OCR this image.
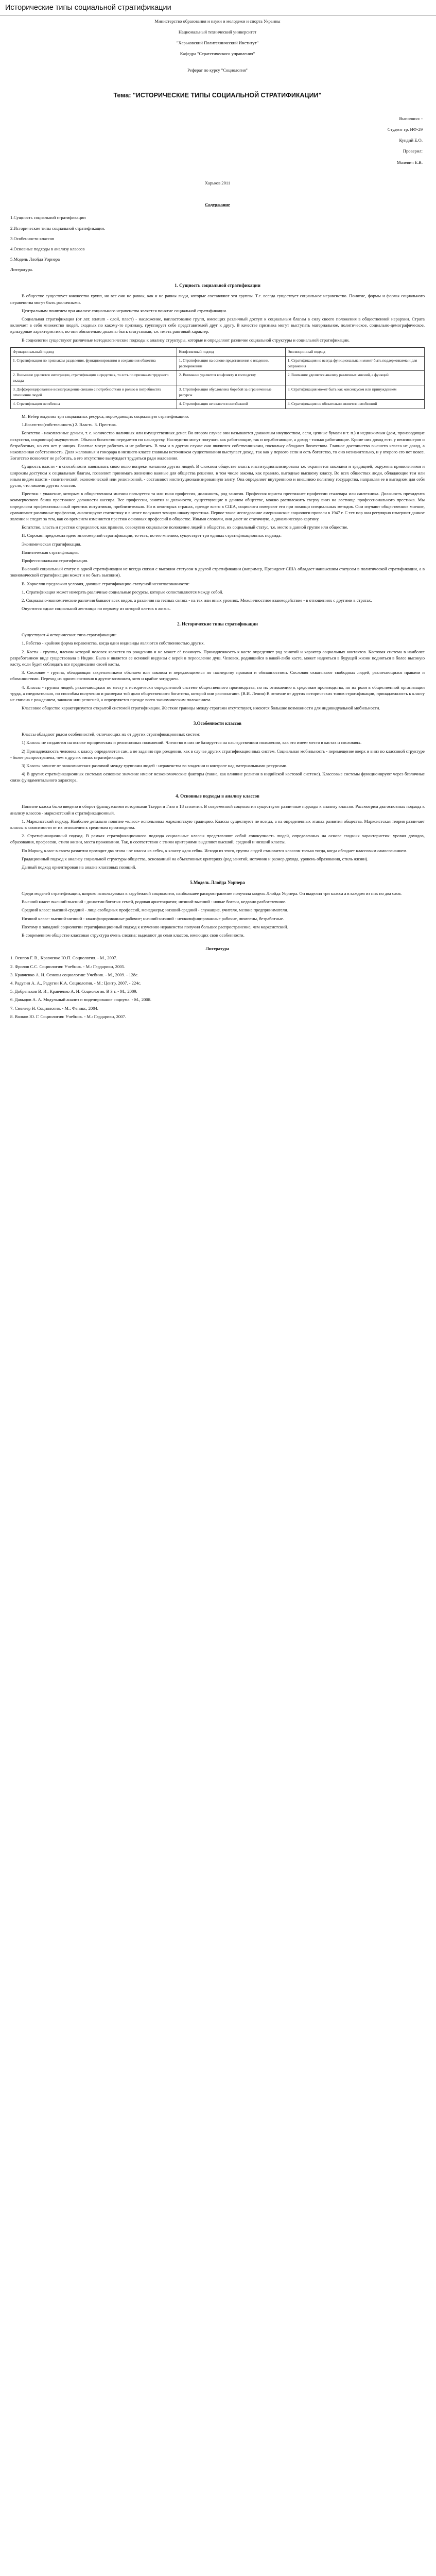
Исторические типы социальной стратификации
Министерство образования и науки и молодежи и спорта Украины
Национальный технический университет
"Харьковский Политехнический Институт"
Кафедра "Стратегического управления"
Реферат по курсу "Социология"
Тема: "ИСТОРИЧЕСКИЕ ТИПЫ СОЦИАЛЬНОЙ СТРАТИФИКАЦИИ"
Выполнил: -
Студент гр. ИФ-29
Кундий Е.О.
Проверил:
Молевич Е.В.
Харьков 2011
Содержание
1.Сущность социальной стратификации
2.Исторические типы социальной стратификации.
3.Особенности классов
4.Основные подходы в анализу классов
5.Модель Ллойда Уорнера
Литература.
1. Сущность социальной стратификации

В обществе существует множество групп, но все они не равны, как и не равны люди, которые составляют эти группы. Т.е. всегда существует социальное неравенство. Понятие, формы и формы социального неравенства могут быть различными.

Центральным понятием при анализе социального неравенства является понятие социальной стратификации.

Социальная стратификация (от лат. stratum - слой, пласт) - насложение, напластование групп, имеющих различный доступ к социальным благам в силу своего положения в общественной иерархии. Страта включает в себя множество людей, сходных по какому-то признаку, группирует себе представителей друг к другу. В качестве признака могут выступать материальное, политическое, социально-демографическое, культурные характеристики, но они обязательно должны быть статусными, т.е. иметь ранговый характер.

В социологии существуют различные методологические подходы к анализу структуры, которые и определяют различие социальной структуры и социальной стратификации.

Функциональный подход	Конфликтный подход	Эволюционный подход
1. Стратификация по признакам разделения, функционирования и сохранения общества	1. Стратификация на основе представления о владении, распоряжении	1. Стратификация не всегда функциональна и может быть поддерживаема и для сохранения
2. Внимание уделяется интеграции, стратификация в средствах, то есть по признакам трудового вклада	2. Внимание уделяется конфликту и господству	2. Внимание уделяется анализу различных мнений, а функций
3. Дифференцированное вознаграждение связано с потребностями и ролью в потребностях отношения людей	3. Стратификация обусловлена борьбой за ограниченные ресурсы	3. Стратификация может быть как консенсусом или принуждением
4. Стратификация неизбежна	4. Стратификация не является неизбежной	4. Стратификация не обязательно является неизбежной

М. Вебер выделил три социальных ресурса, порождающих социальную стратификацию:

1.Богатство(собственность) 2. Власть. 3. Престиж.

Богатство - накопленные деньги, т. е. количество наличных или имущественных денег. Во втором случае они называются движимым имуществом, если, ценные бумаги и т. п.) и недвижимым (дом, производящие искусство, сокровища) имуществом. Обычно богатство передается по наследству. Наследство могут получать как работающие, так и неработающие, а доход - только работающие. Кроме них доход есть у пенсионеров и безработных, но его нет у нищих. Богатые могут работать и не работать. В том и в другом случае они являются собственниками, поскольку обладают богатством. Главное достоинство высшего класса не доход, а накопленная собственность. Доля жалованья и гонорара в низшего классе главным источником существования выступает доход, так как у первого если и есть богатство, то оно незначительно, и у второго его нет вовсе. Богатство позволяет не работать, а его отсутствие вынуждает трудиться ради жалования.

Сущность власти - в способности навязывать свою волю вопреки желанию других людей. В сложном обществе власть институционализирована т.е. охраняется законами и традицией, окружена привилегиями и широким доступом к социальным благам, позволяет принимать жизненно важные для общества решения, в том числе законы, как правило, выгодные высшему классу. Во всех обществах люди, обладающие тем или иным видом власти - политической, экономической или религиозной, - составляют институционализированную элиту. Она определяет внутреннюю и внешнюю политику государства, направляя ее в выгодном для себя русло, что лишено других классов.

Престиж - уважение, которым в общественном мнении пользуется та или иная профессия, должность, род занятия. Профессия юриста престижнее профессии сталевара или сантехника. Должность президента коммерческого банка престижнее должности кассира. Все профессии, занятия и должности, существующие в данном обществе, можно расположить сверху вниз на лестнице профессионального престижа. Мы определяем профессиональный престиж интуитивно, приблизительно. Но в некоторых странах, прежде всего в США, социологи измеряют его при помощи специальных методов. Они изучают общественное мнение, сравнивают различные профессии, анализируют статистику и в итоге получают точную шкалу престижа. Первое такое исследование американские социологи провели в 1947 г. С тех пор они регулярно измеряют данное явление и следят за тем, как со временем изменяется престиж основных профессий в обществе. Иными словами, они дают не статичную, а динамическую картину.

Богатство, власть и престиж определяют, как правило, совокупно социальное положение людей в обществе, их социальный статус, т.е. место в данной группе или обществе.

П. Сорокин предложил идею многомерной стратификации, то есть, по его мнению, существует три единых стратификационных подвида:

Экономическая стратификация.

Политическая стратификация.

Профессиональная стратификация.

Высокий социальный статус в одной стратификации не всегда связан с высоким статусом в другой стратификации (например, Президент США обладает наивысшим статусом в политической стратификации, а в экономической стратификации может и не быть высоким).

В. Хорнелли предложил условия, дающие стратификацию статусной несогласованности:

1. Стратификация может измерять различные социальные ресурсы, которые сопоставляются между собой.

2. Социально-экономические различия бывают всех видов, а различия на тесных связях - на тех или иных уровнях. Межличностное взаимодействие - в отношениях с другими в стратах.

Опустится «дна» социальной лестницы по первому из которой клеток в жизнь.

2. Исторические типы стратификации

Существуют 4 исторических типа стратификации:

1. Рабство - крайняя форма неравенства, когда одни индивиды являются собственностью других.

2. Касты - группы, членом которой человек является по рождению и не может её покинуть. Принадлежность к касте определяет род занятий и характер социальных контактов. Кастовая система в наиболее разработанном виде существовала в Индии. Была и является ее основой индуизм с верой в переселение душ. Человек, родившийся в какой-либо касте, может надеяться в будущей жизни подняться в более высокую касту, если будет соблюдать все предписания своей касты.

3. Сословие - группа, обладающая закрепленными обычаем или законом и передающимися по наследству правами и обязанностями. Сословия охватывают свободных людей, различающихся правами и обязанностями. Переход из одного сословия в другое возможен, хотя и крайне затруднен.

4. Классы - группы людей, различающихся по месту в исторически определенной системе общественного производства, по их отношению к средствам производства, по их роли в общественной организации труда, а следовательно, по способам получения и размерам той доли общественного богатства, которой они располагают. (В.И. Ленин) В отличие от других исторических типов стратификации, принадлежность к классу не связана с рождением, законом или религией, а определяется прежде всего экономическим положением.

Классовое общество характеризуется открытой системой стратификации. Жесткие границы между стратами отсутствуют, имеются большие возможности для индивидуальной мобильности.

3.Особенности классов

Классы обладают рядом особенностей, отличающих их от других стратификационных систем:

1) Классы не создаются на основе юридических и религиозных положений. Членство в них не базируется на наследственном положении, как это имеет место в кастах и сословиях.

2) Принадлежность человека к классу определяется сам, а не заданно при рождении, как в случае других стратификационных систем. Социальная мобильность - перемещение вверх и вниз по классовой структуре - более распространена, чем в других типах стратификации.

3) Классы зависят от экономических различий между группами людей - неравенства во владении и контроле над материальными ресурсами.

4) В других стратификационных системах основное значение имеют неэкономические факторы (такие, как влияние религии в индийской кастовой системе). Классовые системы функционируют через безличные связи фундаментального характера.

4. Основные подходы в анализу классов

Понятие класса было введено в оборот французскими историками Тьерри и Гизо в 18 столетии. В современной социологии существуют различные подходы к анализу классов. Рассмотрим два основных подхода к анализу классов - марксистский и стратификационный.

1. Марксистский подход. Наиболее детально понятие «класс» использовал марксистскую традицию. Классы существуют не всегда, а на определенных этапах развития общества. Марксистская теория различает классы в зависимости от их отношения к средствам производства.

2. Стратификационный подход. В рамках стратификационного подхода социальные классы представляют собой совокупность людей, определенных на основе сходных характеристик: уровня доходов, образования, профессии, стиля жизни, места проживания. Так, в соответствии с этими критериями выделяют высший, средний и низший классы.

По Марксу, класс в своем развитии проходит два этапа - от класса «в себе», к классу «для себя». Исходя из этого, группа людей становится классом только тогда, когда обладает классовым самосознанием.

Градационный подход к анализу социальной структуры общества, основанный на объективных критериях (род занятий, источник и размер дохода, уровень образования, стиль жизни).

Данный подход ориентирован на анализ классовых позиций.

5.Модель Ллойда Уорнера

Среди моделей стратификации, широко используемых в зарубежной социологии, наибольшее распространение получила модель Ллойда Уорнера. Он выделил три класса а в каждом из них по два слоя.

Высший класс: высший-высший - династии богатых семей, родовая аристократия; низший-высший - новые богачи, недавно разбогатевшие.

Средний класс: высший-средний - лица свободных профессий, менеджеры; низший-средний - служащие, учителя, мелкие предприниматели.

Низший класс: высший-низший - квалифицированные рабочие; низший-низший - неквалифицированные рабочие, люмпены, безработные.

Поэтому в западной социологии стратификационный подход к изучению неравенства получил большее распространение, чем марксистский.

В современном обществе классовая структура очень сложна; выделяют до семи классов, имеющих свои особенности.

Литература
1. Осипов Г. В., Кравченко Ю.П. Социология. - М., 2007.
2. Фролов С.С. Социология: Учебник. - М.: Гардарики, 2005.
3. Кравченко А. И. Основы социологии: Учебник. - М., 2009. - 128с.
4. Радугин А. А., Радугин К.А. Социология. - М.: Центр, 2007. - 224с.
5. Добреньков В. И., Кравченко А. И. Социология. В 3 т. - М., 2009.
6. Давыдов А. А. Модульный анализ и моделирование социума. - М., 2008.
7. Смелзер Н. Социология. - М.: Феникс, 2004.
8. Волков Ю. Г. Социология: Учебник. - М.: Гардарики, 2007.
